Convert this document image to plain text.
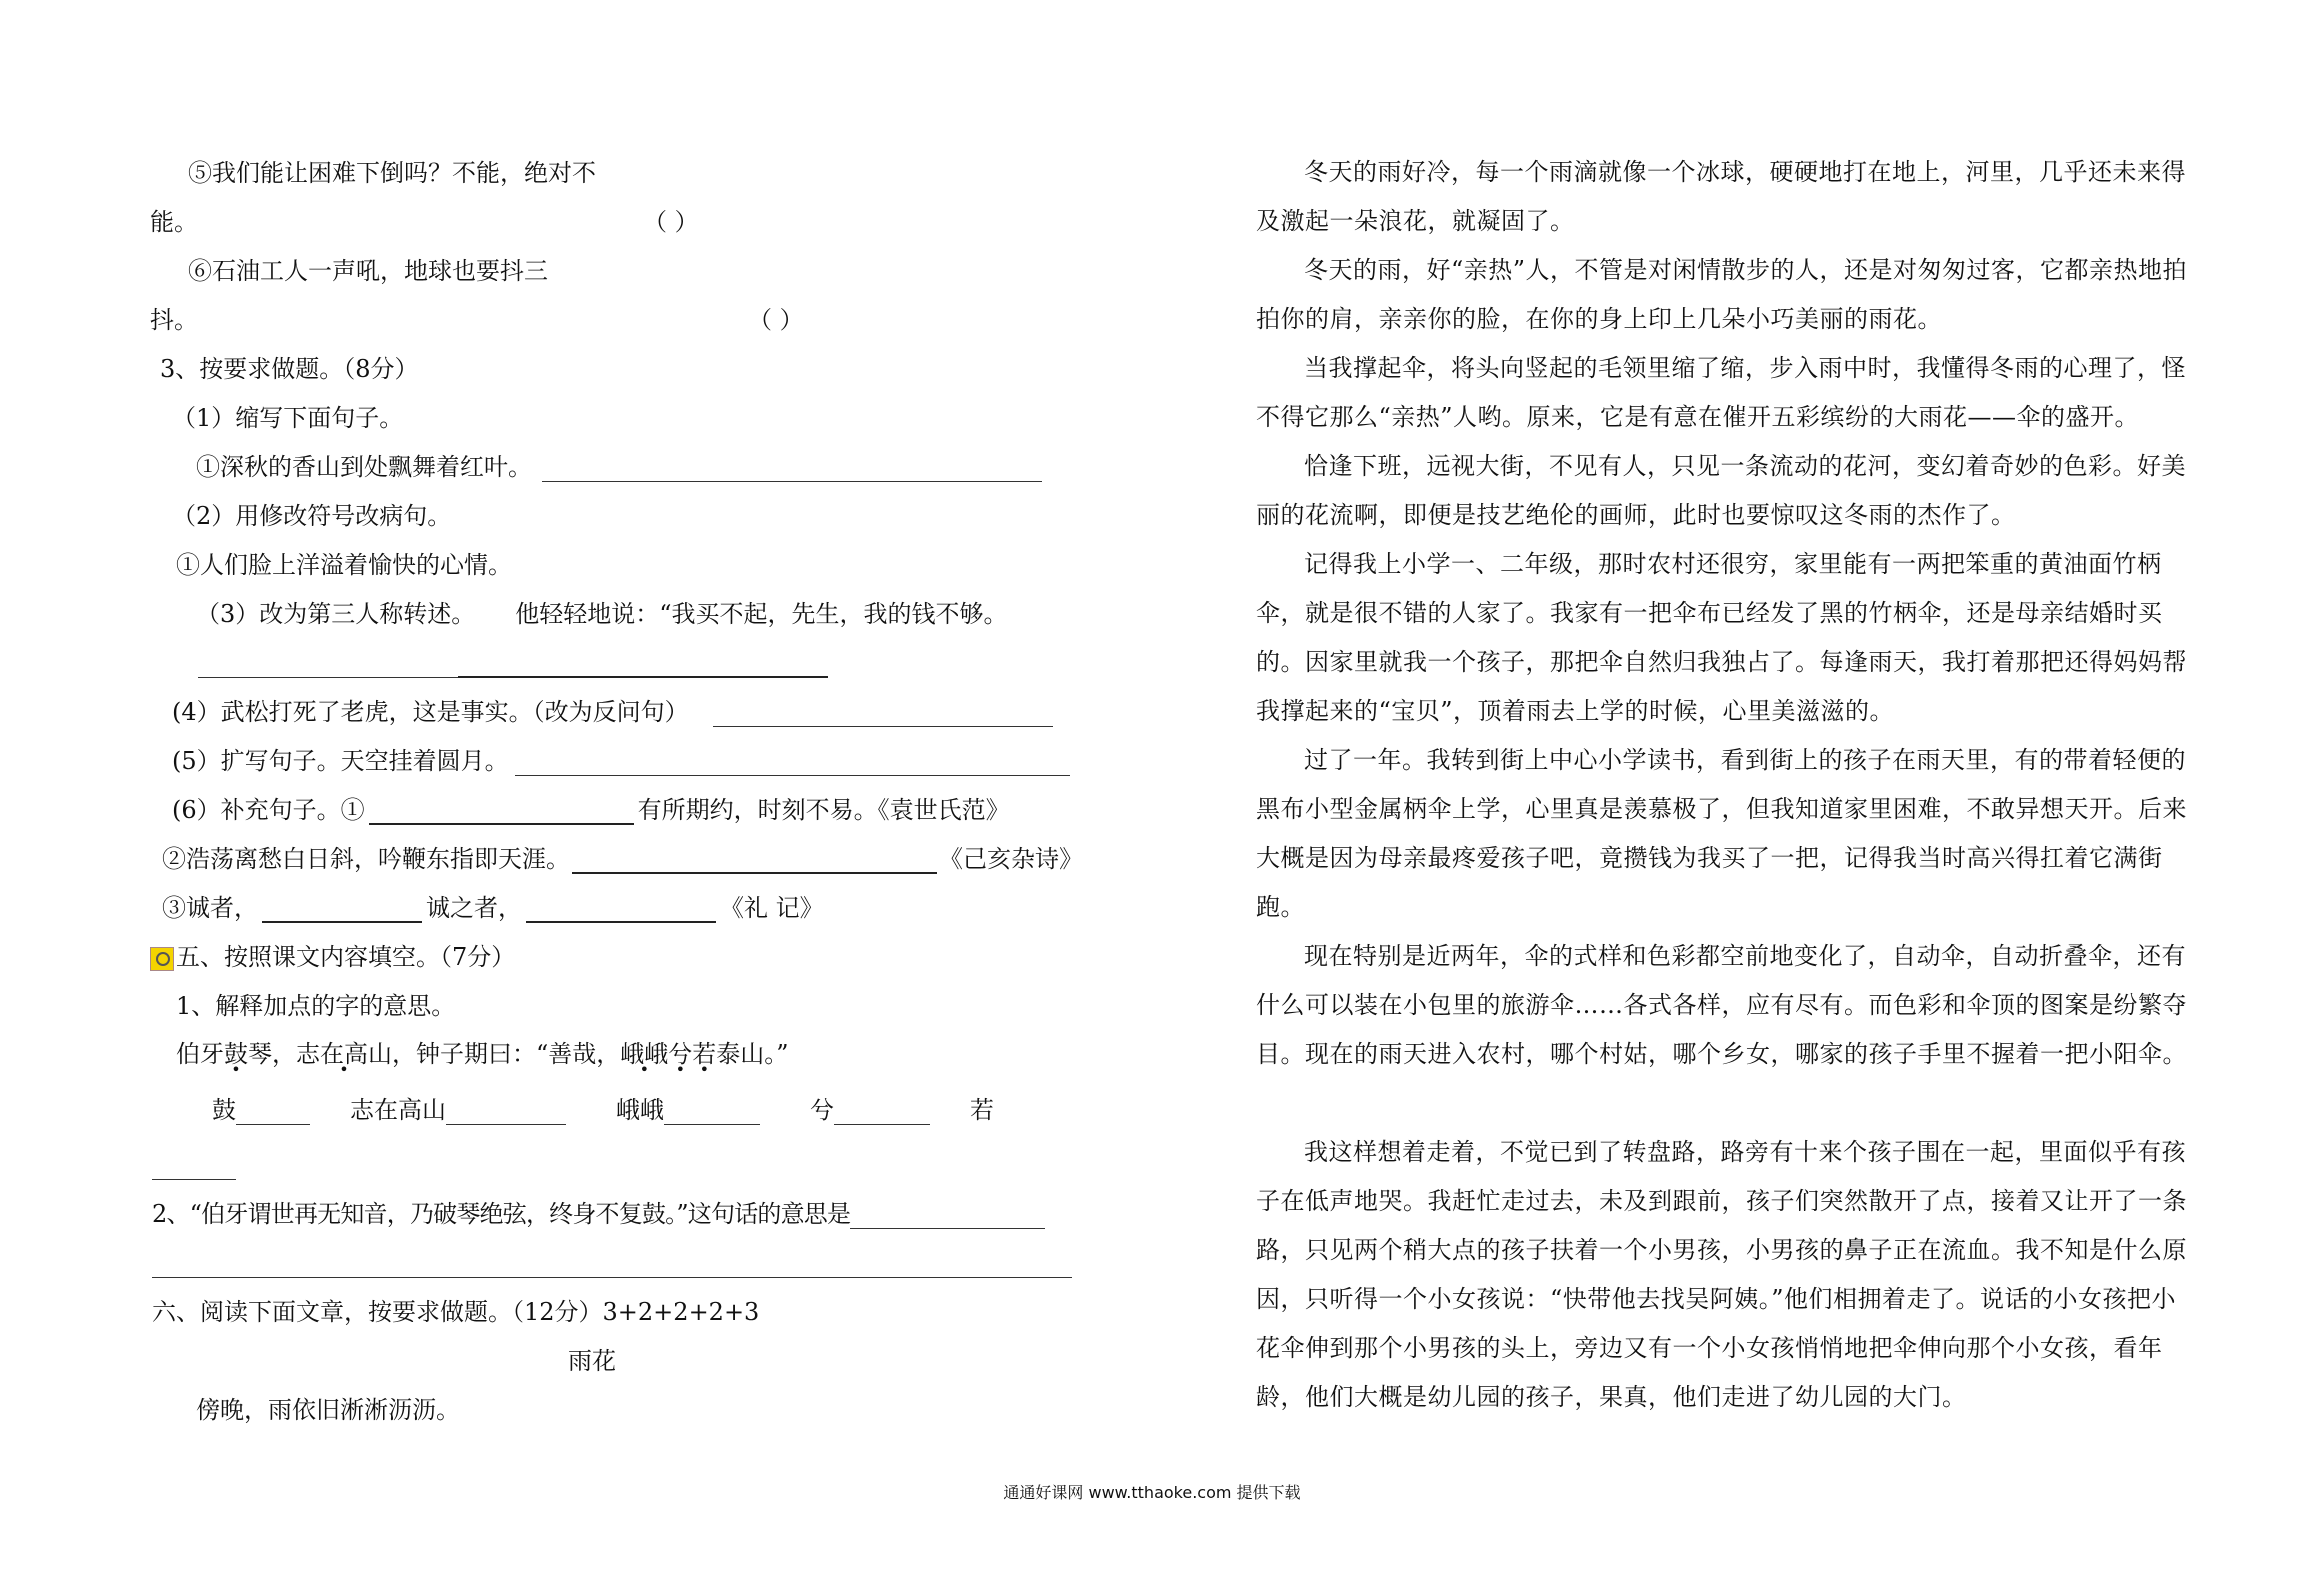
⑤我们能让困难下倒吗？不能，绝对不
能。	（ ）
⑥石油工人一声吼，地球也要抖三
抖。	（ ）
3、按要求做题。（8分）
（1）缩写下面句子。
①深秋的香山到处飘舞着红叶。
（2）用修改符号改病句。
①人们脸上洋溢着愉快的心情。
（3）改为第三人称转述。 他轻轻地说：“我买不起，先生，我的钱不够。
(4）武松打死了老虎，这是事实。（改为反问句）
(5）扩写句子。天空挂着圆月。
(6）补充句子。①	有所期约，时刻不易。《袁世氏范》
②浩荡离愁白日斜，吟鞭东指即天涯。	《己亥杂诗》
③诚者，	诚之者，	《礼 记》
五、按照课文内容填空。（7分）
1、解释加点的字的意思。
伯牙鼓琴，志在高山，钟子期曰：“善哉，峨峨兮若泰山。”
鼓	志在高山	峨峨	兮	若
2、“伯牙谓世再无知音，乃破琴绝弦，终身不复鼓。”这句话的意思是
六、阅读下面文章，按要求做题。（12分）3+2+2+2+3
雨花
傍晚，雨依旧淅淅沥沥。
冬天的雨好冷，每一个雨滴就像一个冰球，硬硬地打在地上，河里，几乎还未来得及激起一朵浪花，就凝固了。
冬天的雨，好“亲热”人，不管是对闲情散步的人，还是对匆匆过客，它都亲热地拍拍你的肩，亲亲你的脸，在你的身上印上几朵小巧美丽的雨花。
当我撑起伞，将头向竖起的毛领里缩了缩，步入雨中时，我懂得冬雨的心理了，怪不得它那么“亲热”人哟。原来，它是有意在催开五彩缤纷的大雨花——伞的盛开。
恰逢下班，远视大街，不见有人，只见一条流动的花河，变幻着奇妙的色彩。好美丽的花流啊，即便是技艺绝伦的画师，此时也要惊叹这冬雨的杰作了。
记得我上小学一、二年级，那时农村还很穷，家里能有一两把笨重的黄油面竹柄伞，就是很不错的人家了。我家有一把伞布已经发了黑的竹柄伞，还是母亲结婚时买的。因家里就我一个孩子，那把伞自然归我独占了。每逢雨天，我打着那把还得妈妈帮我撑起来的“宝贝”，顶着雨去上学的时候，心里美滋滋的。
过了一年。我转到街上中心小学读书，看到街上的孩子在雨天里，有的带着轻便的黑布小型金属柄伞上学，心里真是羡慕极了，但我知道家里困难，不敢异想天开。后来大概是因为母亲最疼爱孩子吧，竟攒钱为我买了一把，记得我当时高兴得扛着它满街跑。
现在特别是近两年，伞的式样和色彩都空前地变化了，自动伞，自动折叠伞，还有什么可以装在小包里的旅游伞……各式各样，应有尽有。而色彩和伞顶的图案是纷繁夺目。现在的雨天进入农村，哪个村姑，哪个乡女，哪家的孩子手里不握着一把小阳伞。
我这样想着走着，不觉已到了转盘路，路旁有十来个孩子围在一起，里面似乎有孩子在低声地哭。我赶忙走过去，未及到跟前，孩子们突然散开了点，接着又让开了一条路，只见两个稍大点的孩子扶着一个小男孩，小男孩的鼻子正在流血。我不知是什么原因，只听得一个小女孩说：“快带他去找吴阿姨。”他们相拥着走了。说话的小女孩把小花伞伸到那个小男孩的头上，旁边又有一个小女孩悄悄地把伞伸向那个小女孩，看年龄，他们大概是幼儿园的孩子，果真，他们走进了幼儿园的大门。
通通好课网 www.tthaoke.com 提供下载
